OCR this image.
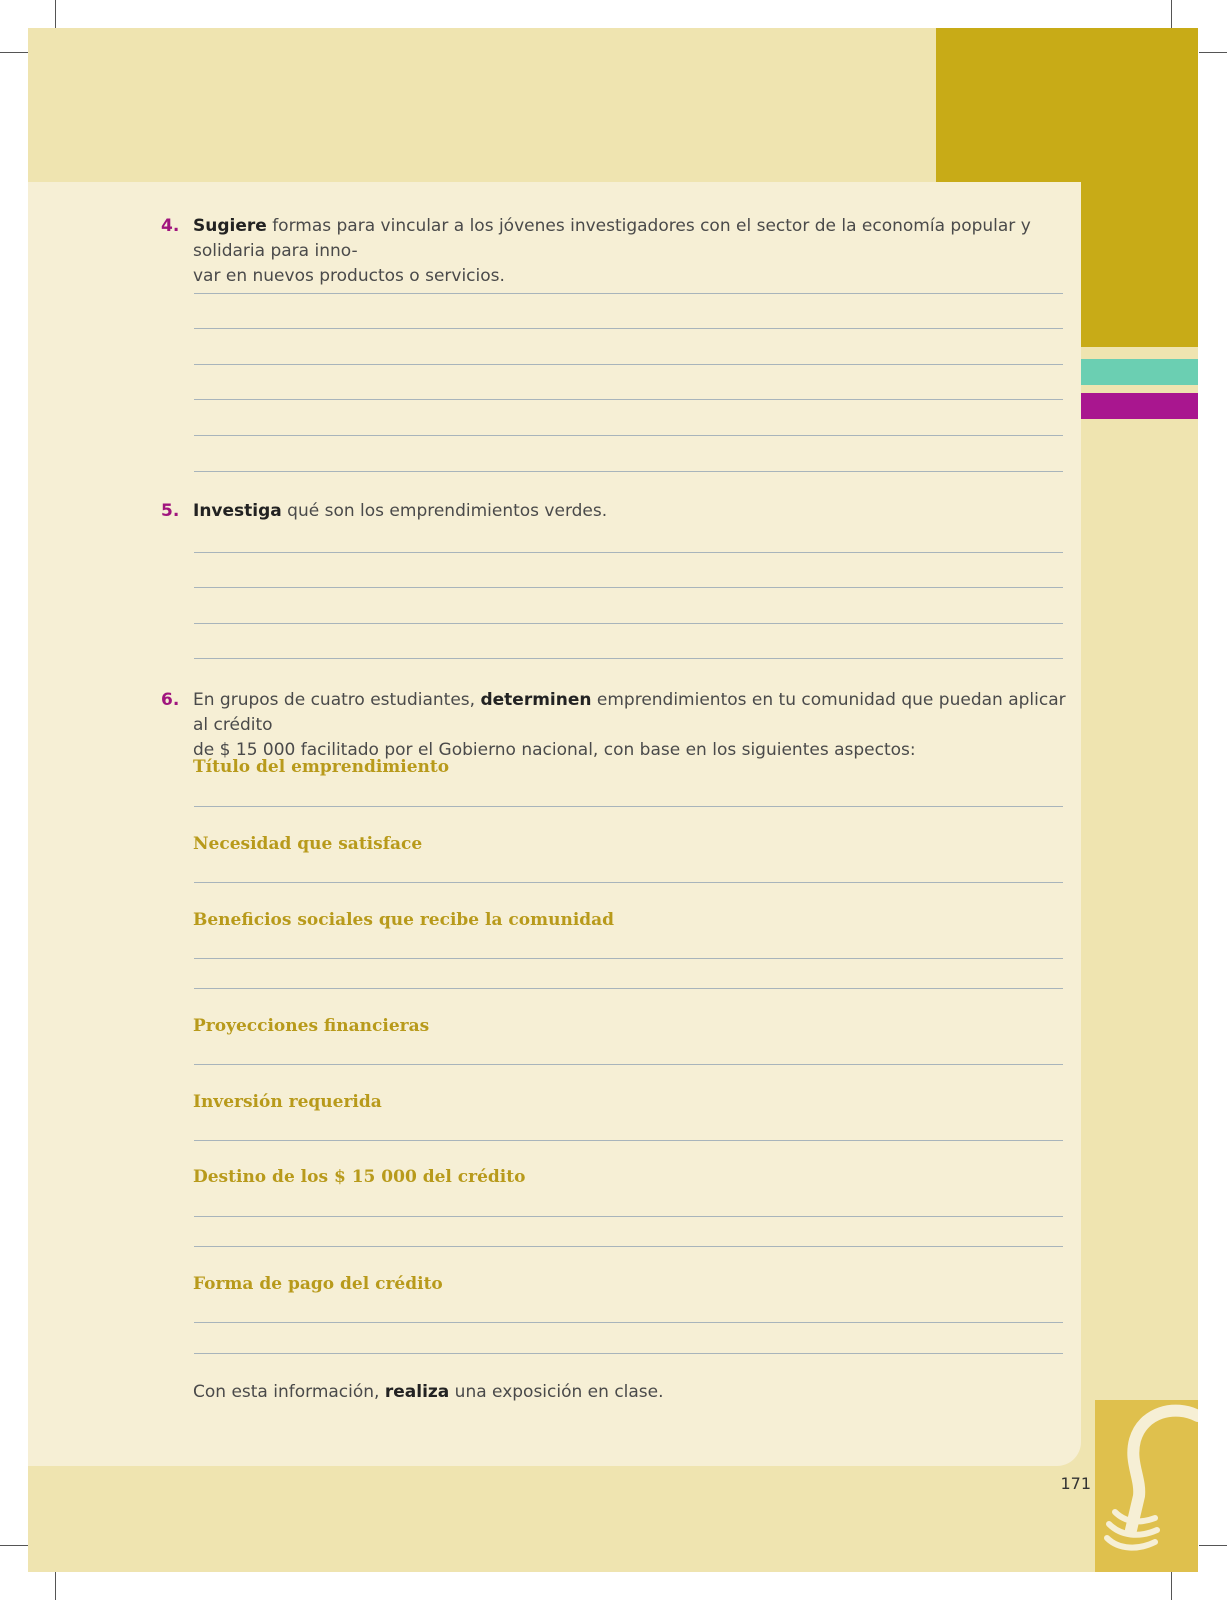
4. Sugiere formas para vincular a los jóvenes investigadores con el sector de la economía popular y solidaria para inno-
var en nuevos productos o servicios.
5. Investiga qué son los emprendimientos verdes.
6. En grupos de cuatro estudiantes, determinen emprendimientos en tu comunidad que puedan aplicar al crédito
de $ 15 000 facilitado por el Gobierno nacional, con base en los siguientes aspectos:
Título del emprendimiento
Necesidad que satisface
Beneficios sociales que recibe la comunidad
Proyecciones financieras
Inversión requerida
Destino de los $ 15 000 del crédito
Forma de pago del crédito
Con esta información, realiza una exposición en clase.
171
